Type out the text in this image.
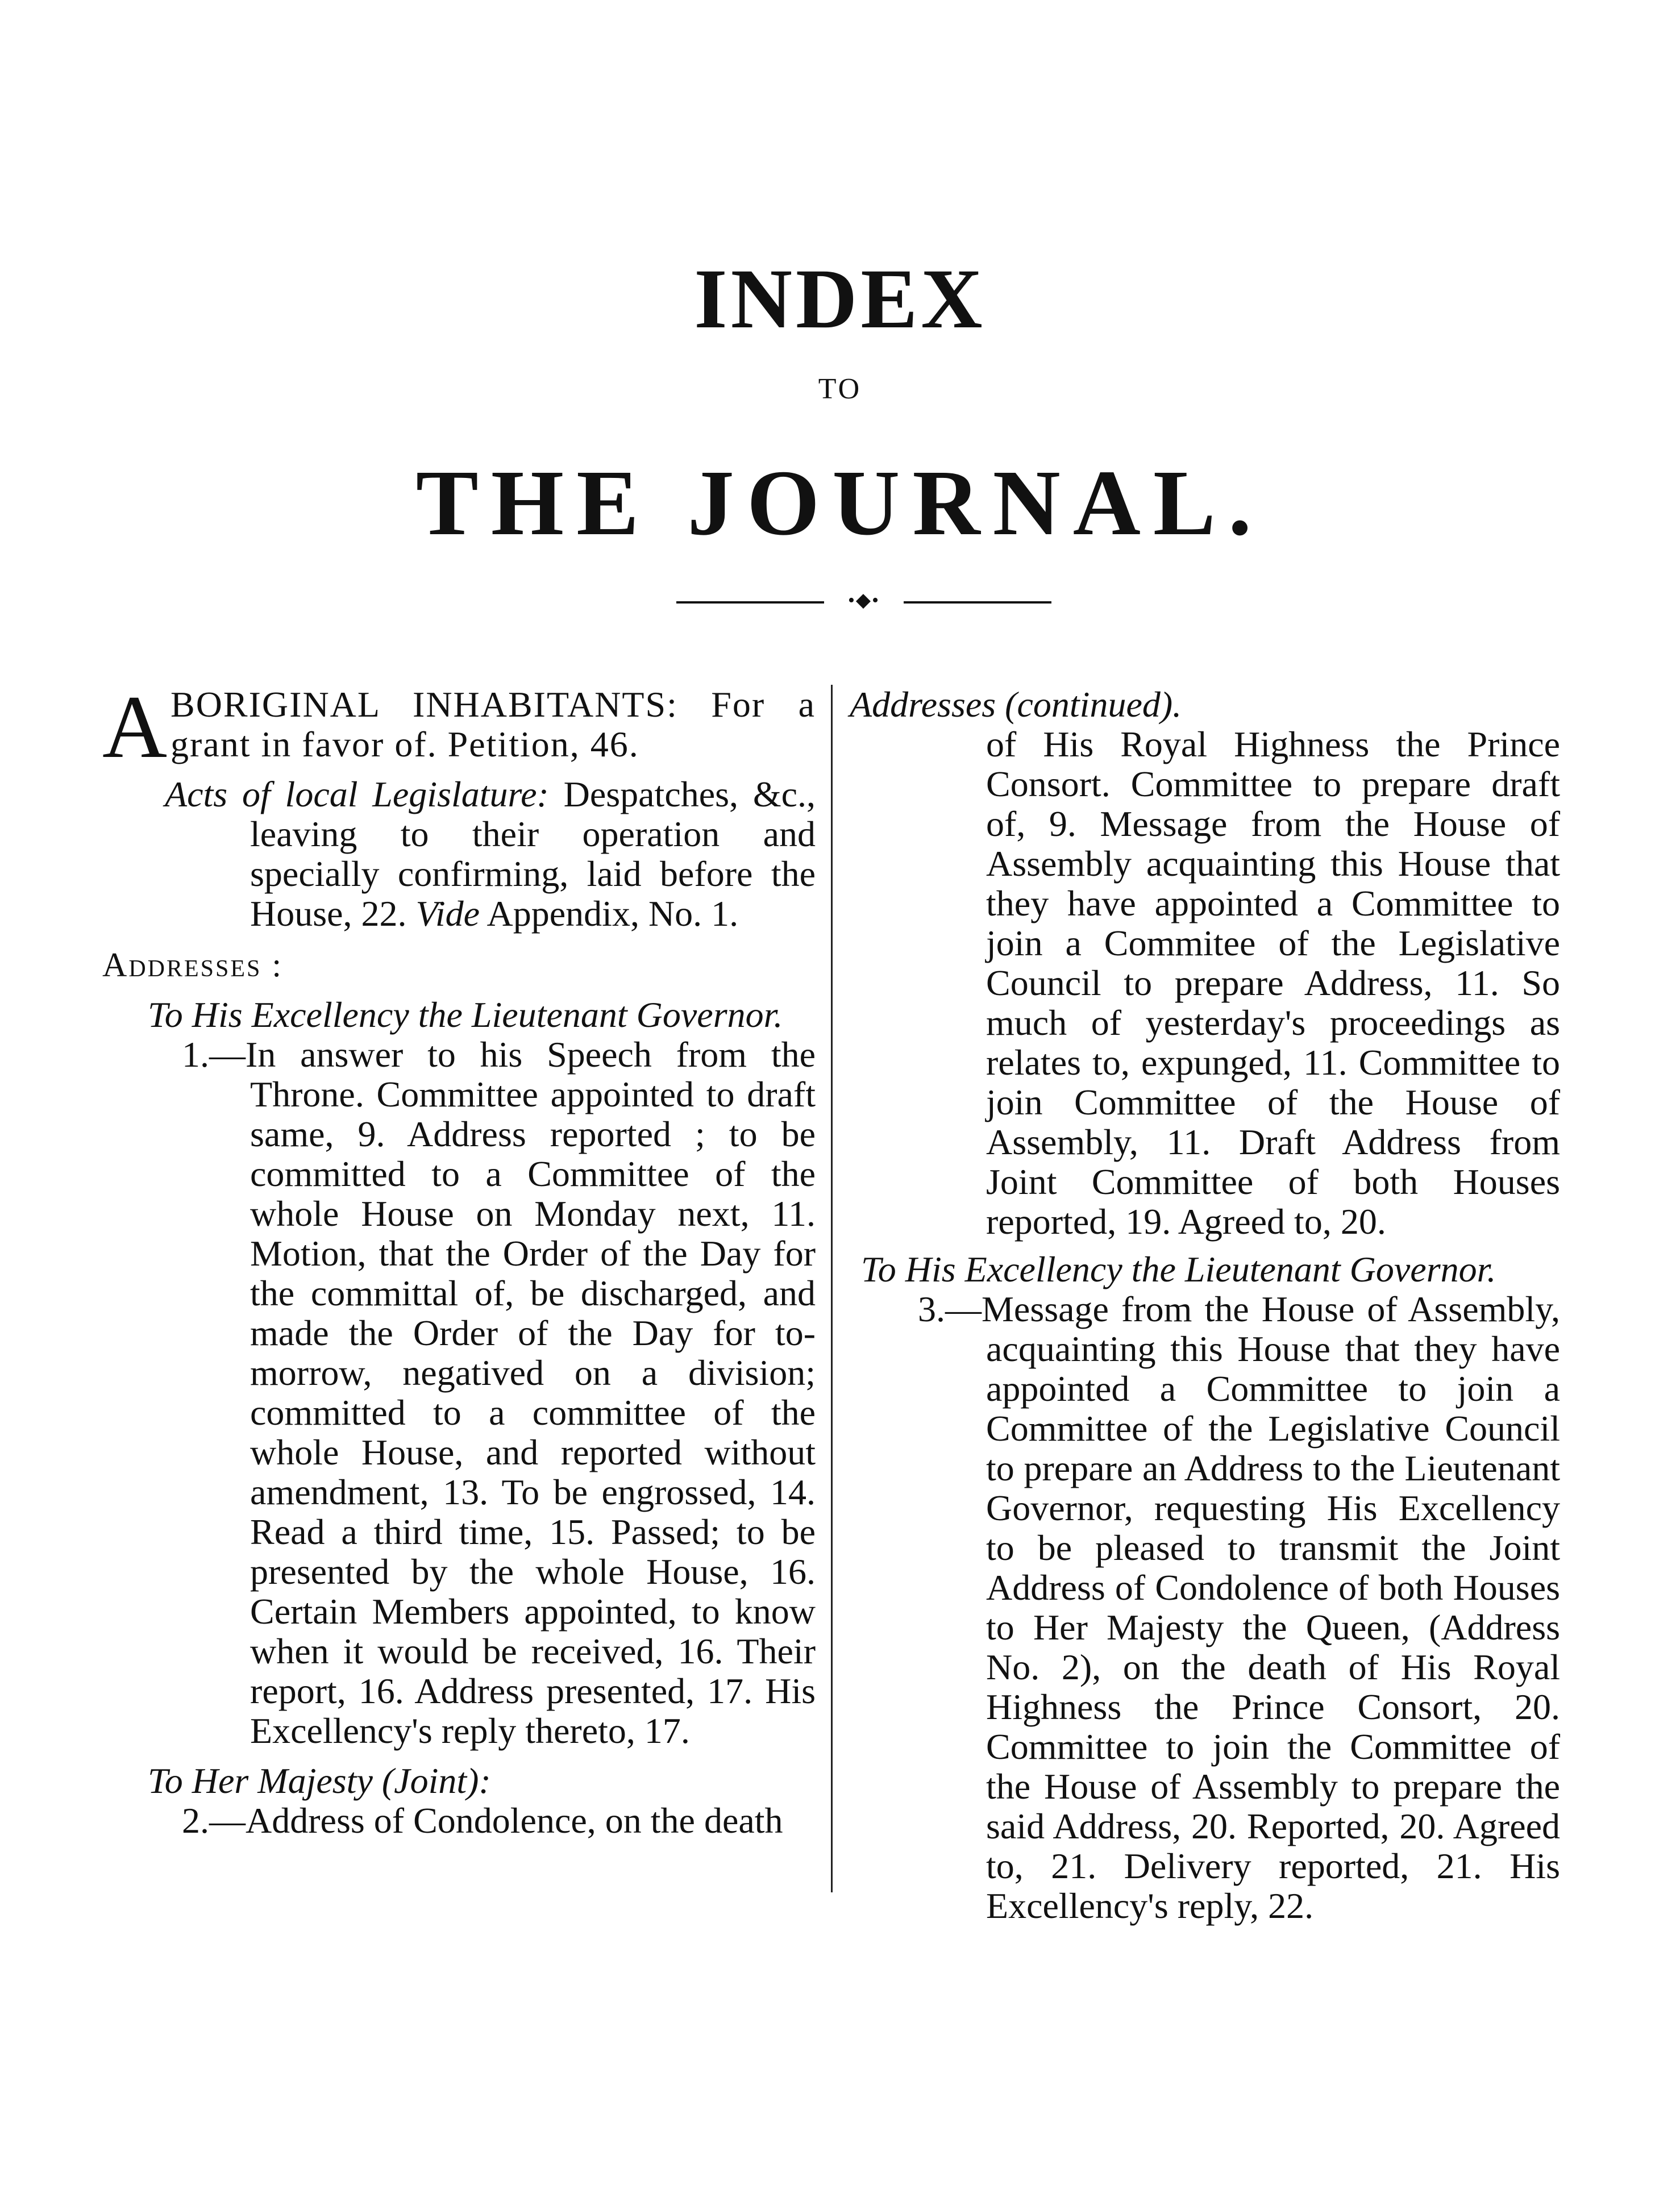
INDEX
TO
THE JOURNAL.
•◆•

A BORIGINAL INHABITANTS: For a grant in favor of. Petition, 46.

Acts of local Legislature: Despatches, &c., leaving to their operation and specially confirming, laid before the House, 22. Vide Appendix, No. 1.

Addresses :

To His Excellency the Lieutenant Governor.

1.—In answer to his Speech from the Throne. Committee appointed to draft same, 9. Address reported ; to be committed to a Committee of the whole House on Monday next, 11. Motion, that the Order of the Day for the committal of, be discharged, and made the Order of the Day for to-morrow, negatived on a division; committed to a committee of the whole House, and reported without amendment, 13. To be engrossed, 14. Read a third time, 15. Passed; to be presented by the whole House, 16. Certain Members appointed, to know when it would be received, 16. Their report, 16. Address presented, 17. His Excellency's reply thereto, 17.

To Her Majesty (Joint):

2.—Address of Condolence, on the death

Addresses (continued).

of His Royal Highness the Prince Consort. Committee to prepare draft of, 9. Message from the House of Assembly acquainting this House that they have appointed a Committee to join a Commitee of the Legislative Council to prepare Address, 11. So much of yesterday's proceedings as relates to, expunged, 11. Committee to join Committee of the House of Assembly, 11. Draft Address from Joint Committee of both Houses reported, 19. Agreed to, 20.

To His Excellency the Lieutenant Governor.

3.—Message from the House of Assembly, acquainting this House that they have appointed a Committee to join a Committee of the Legislative Council to prepare an Address to the Lieutenant Governor, requesting His Excellency to be pleased to transmit the Joint Address of Condolence of both Houses to Her Majesty the Queen, (Address No. 2), on the death of His Royal Highness the Prince Consort, 20. Committee to join the Committee of the House of Assembly to prepare the said Address, 20. Reported, 20. Agreed to, 21. Delivery reported, 21. His Excellency's reply, 22.
